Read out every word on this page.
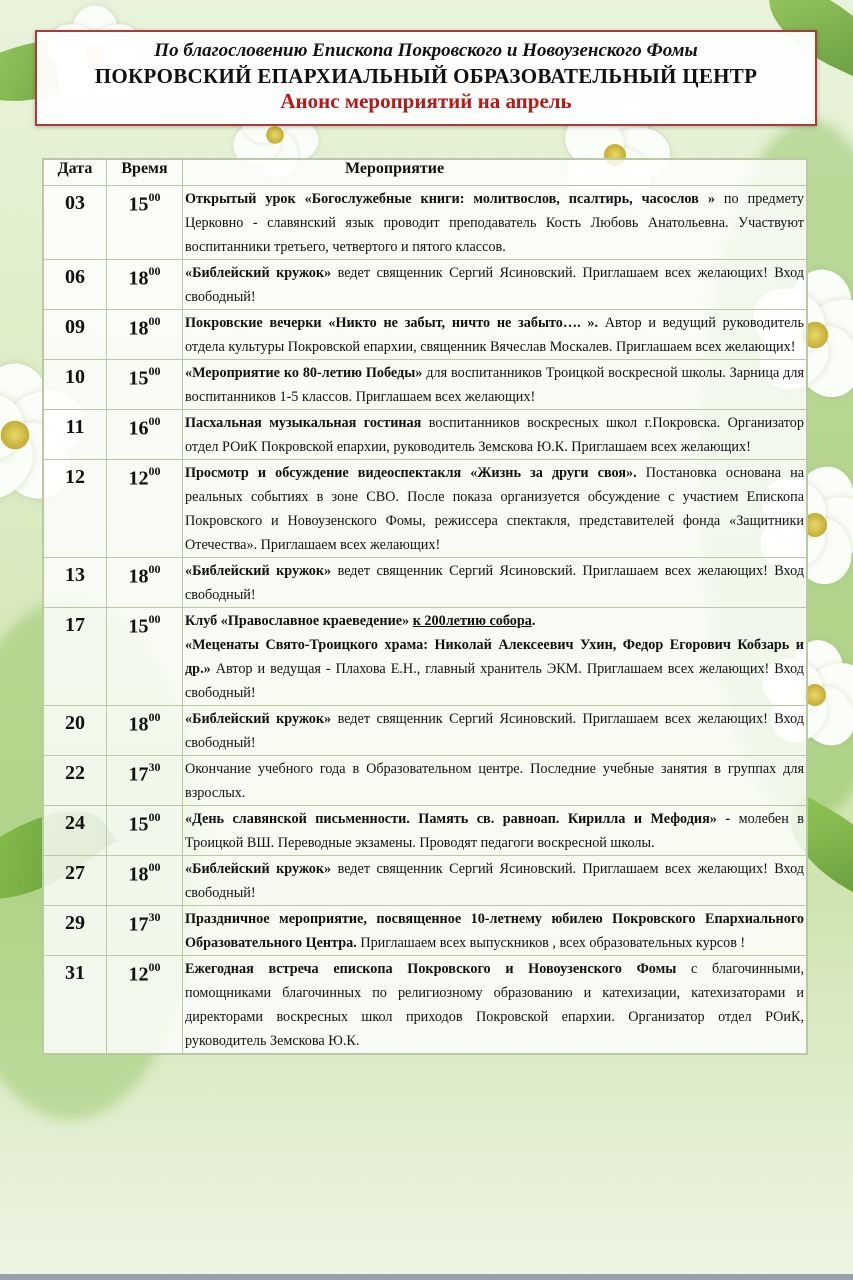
По благословению Епископа Покровского и Новоузенского Фомы
ПОКРОВСКИЙ ЕПАРХИАЛЬНЫЙ ОБРАЗОВАТЕЛЬНЫЙ ЦЕНТР
Анонс мероприятий на апрель
Дата	Время	Мероприятие
03	$15^{00}$	Открытый урок «Богослужебные книги: молитвослов, псалтирь, часослов » по предмету Церковно - славянский язык проводит преподаватель Кость Любовь Анатольевна. Участвуют воспитанники третьего, четвертого и пятого классов.
06	$18^{00}$	«Библейский кружок» ведет священник Сергий Ясиновский. Приглашаем всех желающих! Вход свободный!
09	$18^{00}$	Покровские вечерки «Никто не забыт, ничто не забыто…. ». Автор и ведущий руководитель отдела культуры Покровской епархии, священник Вячеслав Москалев. Приглашаем всех желающих!
10	$15^{00}$	«Мероприятие ко 80-летию Победы» для воспитанников Троицкой воскресной школы. Зарница для воспитанников 1-5 классов. Приглашаем всех желающих!
11	$16^{00}$	Пасхальная музыкальная гостиная воспитанников воскресных школ г.Покровска. Организатор отдел РОиК Покровской епархии, руководитель Земскова Ю.К. Приглашаем всех желающих!
12	$12^{00}$	Просмотр и обсуждение видеоспектакля «Жизнь за други своя». Постановка основана на реальных событиях в зоне СВО. После показа организуется обсуждение с участием Епископа Покровского и Новоузенского Фомы, режиссера спектакля, представителей фонда «Защитники Отечества». Приглашаем всех желающих!
13	$18^{00}$	«Библейский кружок» ведет священник Сергий Ясиновский. Приглашаем всех желающих! Вход свободный!
17	$15^{00}$	Клуб «Православное краеведение» к 200летию собора.
«Меценаты Свято-Троицкого храма: Николай Алексеевич Ухин, Федор Егорович Кобзарь и др.» Автор и ведущая - Плахова Е.Н., главный хранитель ЭКМ. Приглашаем всех желающих! Вход свободный!
20	$18^{00}$	«Библейский кружок» ведет священник Сергий Ясиновский. Приглашаем всех желающих! Вход свободный!
22	$17^{30}$	Окончание учебного года в Образовательном центре. Последние учебные занятия в группах для взрослых.
24	$15^{00}$	«День славянской письменности. Память св. равноап. Кирилла и Мефодия» - молебен в Троицкой ВШ. Переводные экзамены. Проводят педагоги воскресной школы.
27	$18^{00}$	«Библейский кружок» ведет священник Сергий Ясиновский. Приглашаем всех желающих! Вход свободный!
29	$17^{30}$	Праздничное мероприятие, посвященное 10-летнему юбилею Покровского Епархиального Образовательного Центра. Приглашаем всех выпускников , всех образовательных курсов !
31	$12^{00}$	Ежегодная встреча епископа Покровского и Новоузенского Фомы с благочинными, помощниками благочинных по религиозному образованию и катехизации, катехизаторами и директорами воскресных школ приходов Покровской епархии. Организатор отдел РОиК, руководитель Земскова Ю.К.
